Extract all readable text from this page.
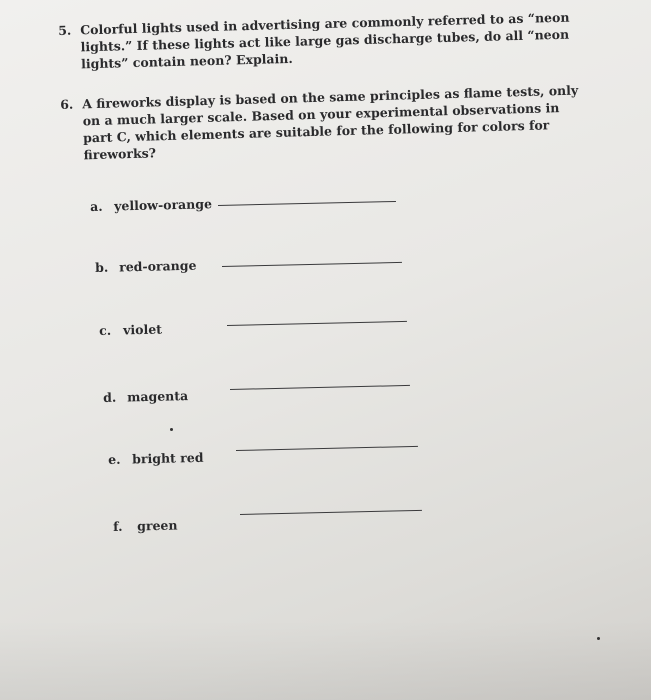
5. Colorful lights used in advertising are commonly referred to as “neon lights.” If these lights act like large gas discharge tubes, do all “neon lights” contain neon? Explain.
6. A fireworks display is based on the same principles as flame tests, only on a much larger scale. Based on your experimental observations in part C, which elements are suitable for the following for colors for fireworks?
a. yellow-orange
b. red-orange
c. violet
d. magenta
e. bright red
f. green
